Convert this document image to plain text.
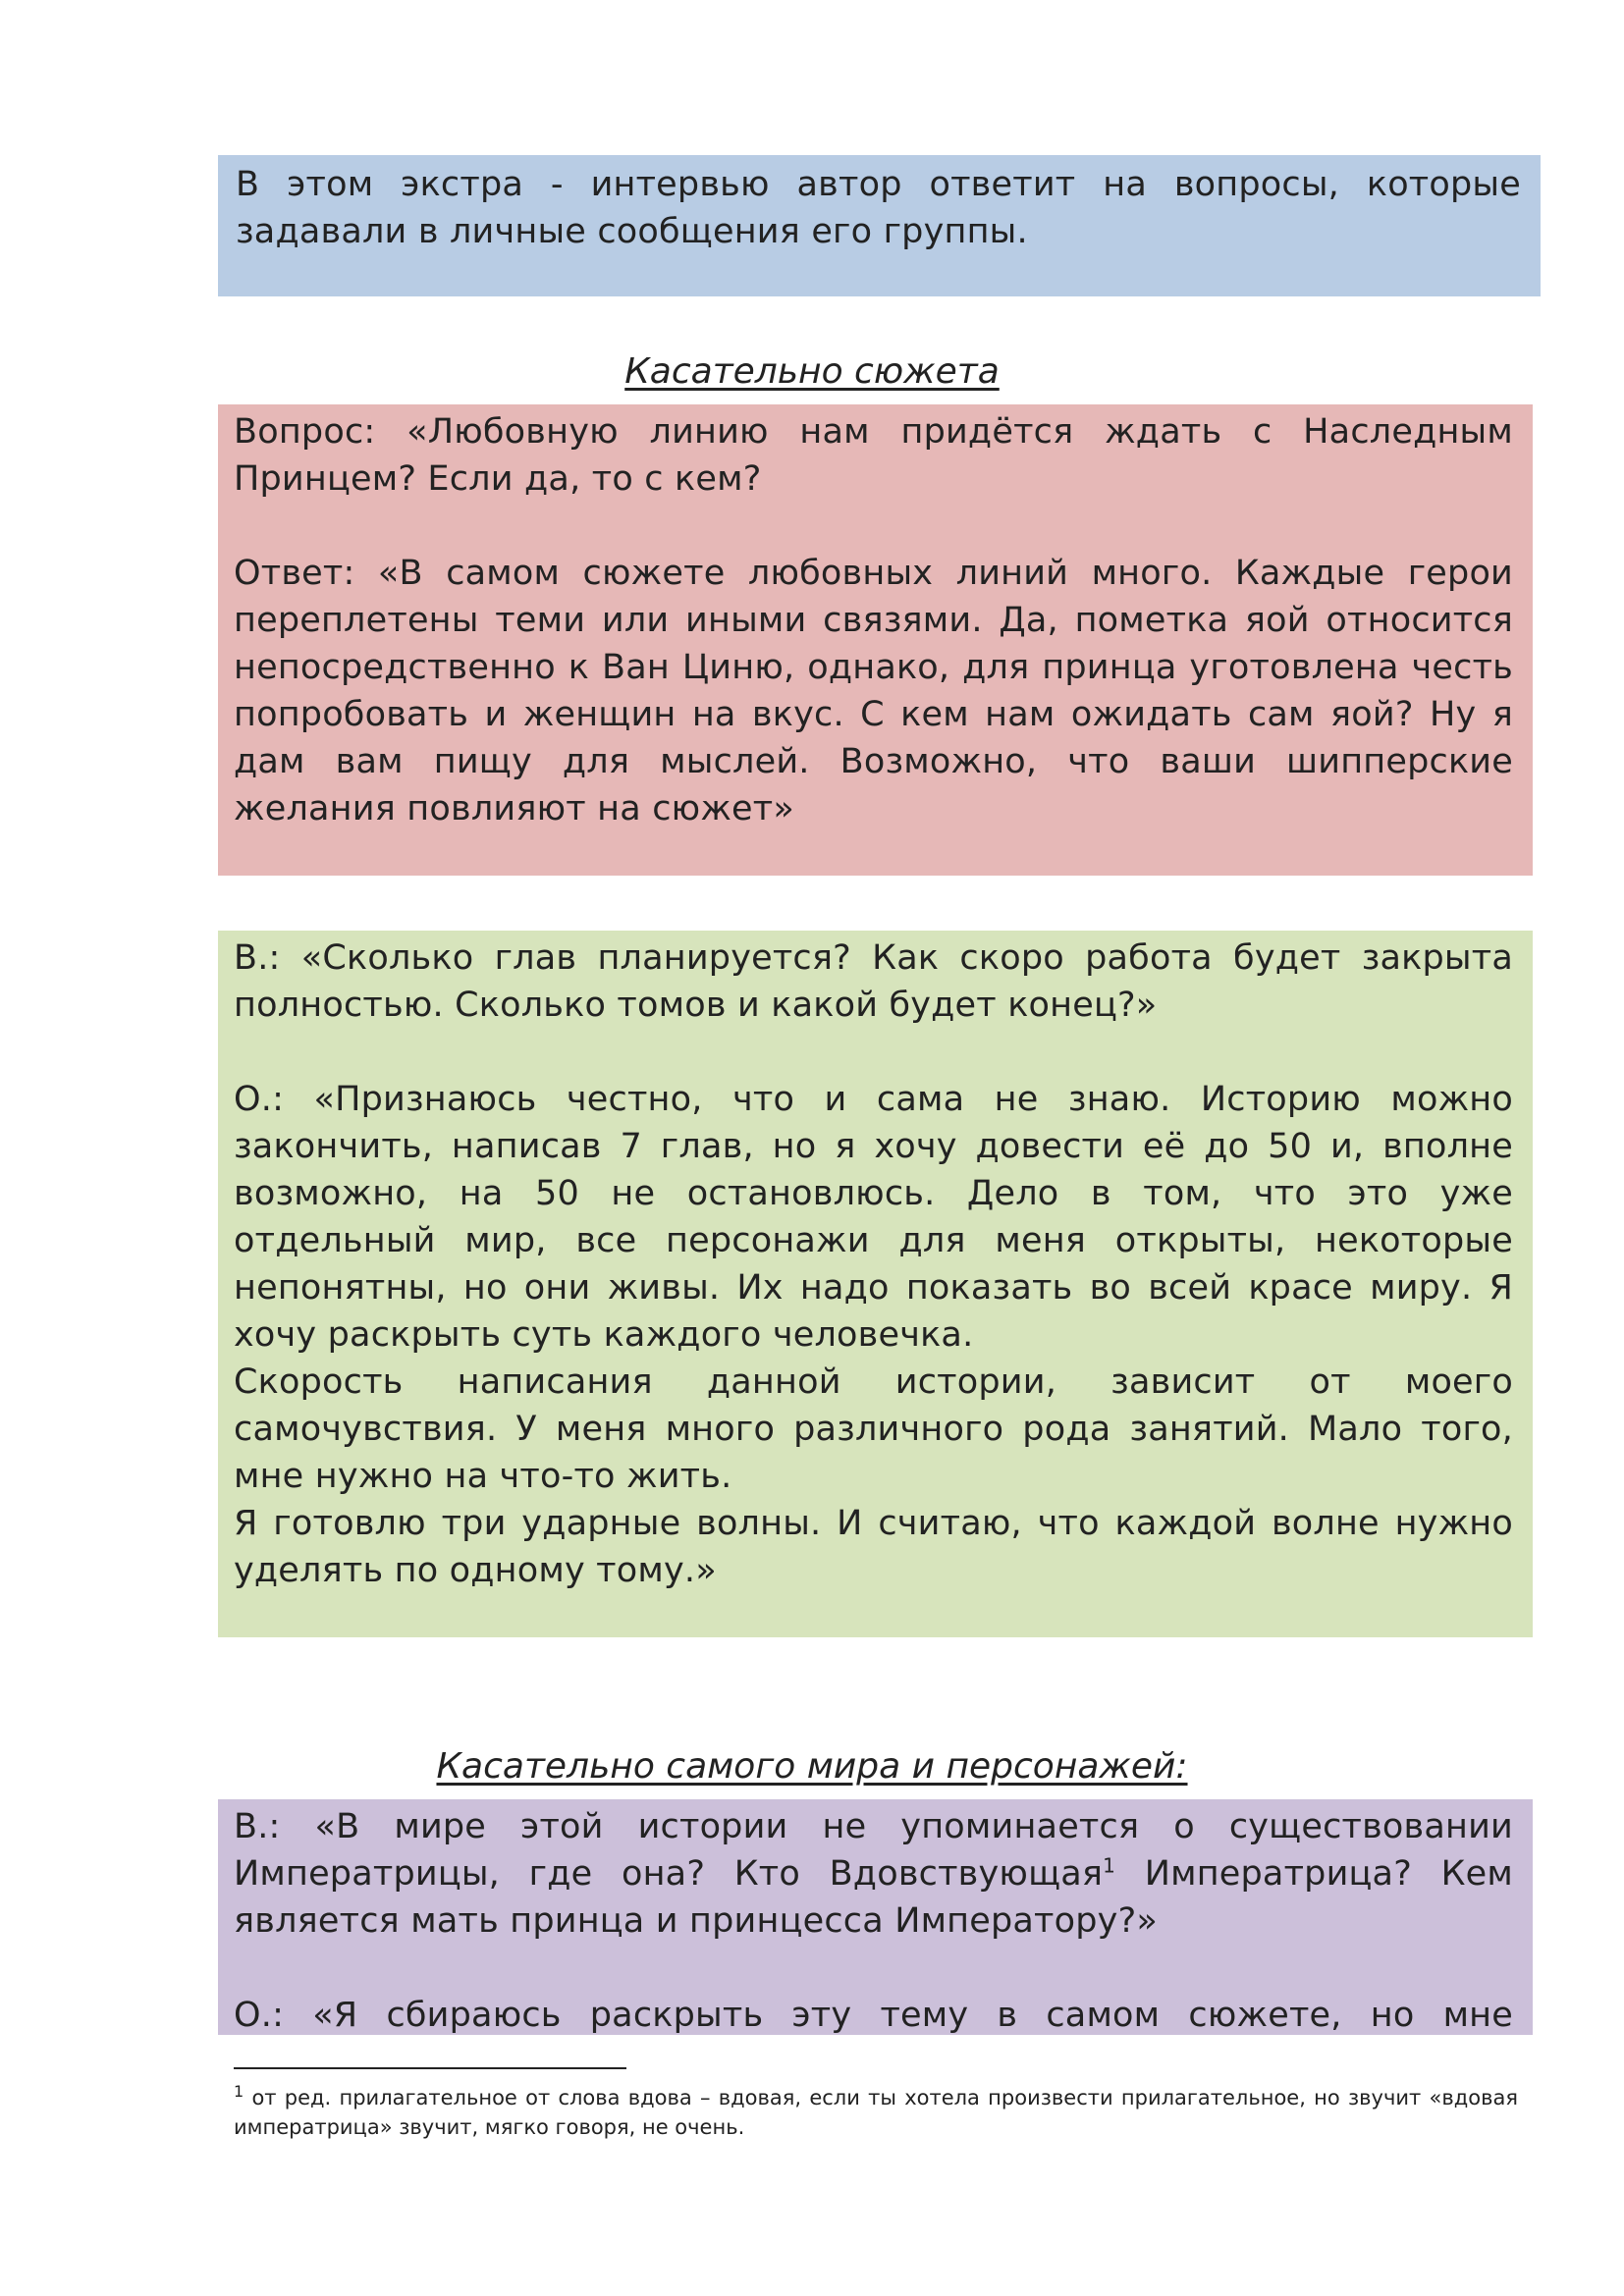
В этом экстра - интервью автор ответит на вопросы, которые задавали в личные сообщения его группы.

Касательно сюжета

Вопрос: «Любовную линию нам придётся ждать с Наследным Принцем? Если да, то с кем?

Ответ: «В самом сюжете любовных линий много. Каждые герои переплетены теми или иными связями. Да, пометка яой относится непосредственно к Ван Циню, однако, для принца уготовлена честь попробовать и женщин на вкус. С кем нам ожидать сам яой? Ну я дам вам пищу для мыслей. Возможно, что ваши шипперские желания повлияют на сюжет»

В.: «Сколько глав планируется? Как скоро работа будет закрыта полностью. Сколько томов и какой будет конец?»

О.: «Признаюсь честно, что и сама не знаю. Историю можно закончить, написав 7 глав, но я хочу довести её до 50 и, вполне возможно, на 50 не остановлюсь. Дело в том, что это уже отдельный мир, все персонажи для меня открыты, некоторые непонятны, но они живы. Их надо показать во всей красе миру. Я хочу раскрыть суть каждого человечка.

Скорость написания данной истории, зависит от моего самочувствия. У меня много различного рода занятий. Мало того, мне нужно на что-то жить.

Я готовлю три ударные волны. И считаю, что каждой волне нужно уделять по одному тому.»

Касательно самого мира и персонажей:

В.: «В мире этой истории не упоминается о существовании Императрицы, где она? Кто Вдовствующая$^1$ Императрица? Кем является мать принца и принцесса Императору?»

О.: «Я сбираюсь раскрыть эту тему в самом сюжете, но мне

$^1$ от ред. прилагательное от слова вдова – вдовая, если ты хотела произвести прилагательное, но звучит «вдовая императрица» звучит, мягко говоря, не очень.
